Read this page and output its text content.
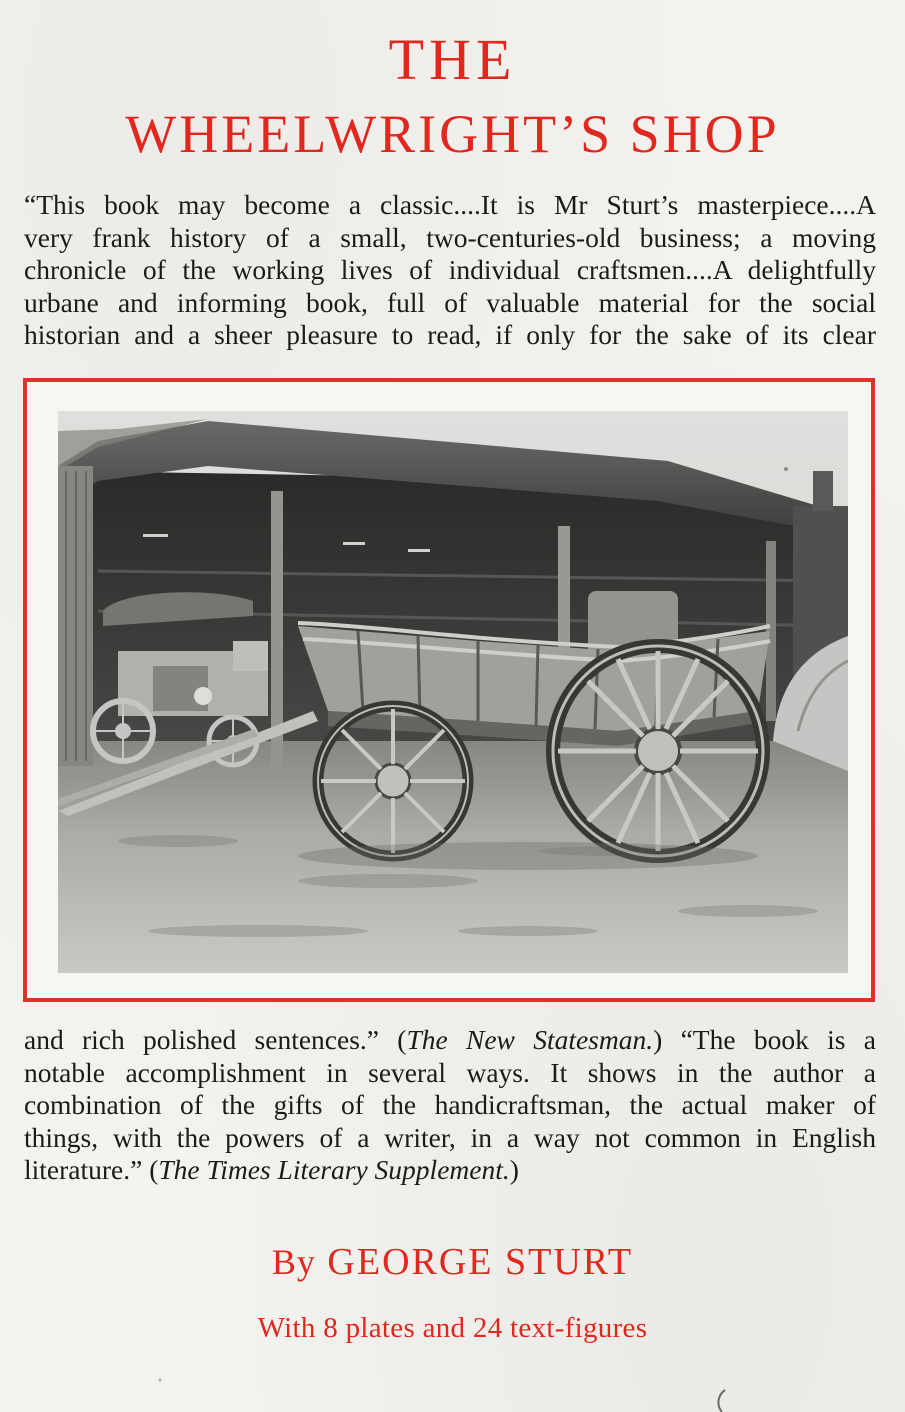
THE
WHEELWRIGHT’S SHOP
“This book may become a classic....It is Mr Sturt’s masterpiece....A
very frank history of a small, two-centuries-old business; a moving
chronicle of the working lives of individual craftsmen....A delightfully
urbane and informing book, full of valuable material for the social
historian and a sheer pleasure to read, if only for the sake of its clear
and rich polished sentences.” (The New Statesman.) “The book is a
notable accomplishment in several ways. It shows in the author a
combination of the gifts of the handicraftsman, the actual maker of
things, with the powers of a writer, in a way not common in English
literature.” (The Times Literary Supplement.)
By GEORGE STURT
With 8 plates and 24 text-figures
